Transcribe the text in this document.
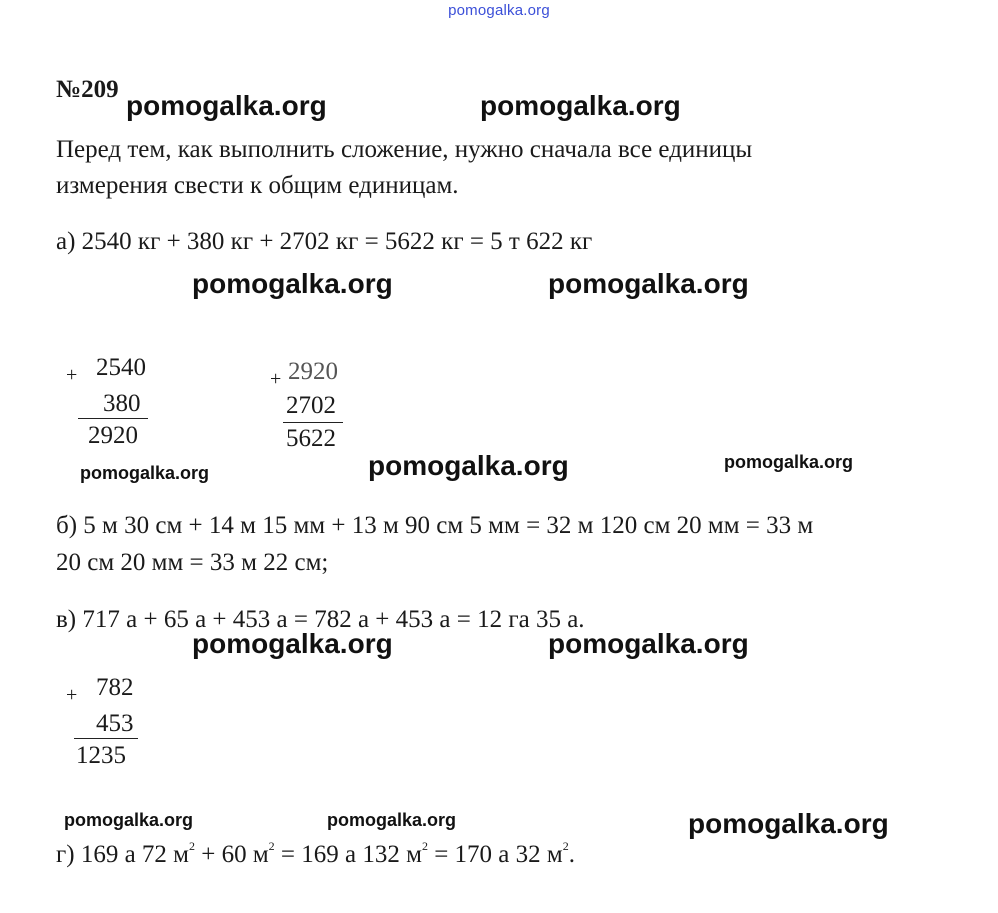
pomogalka.org
№209
pomogalka.org	pomogalka.org
Перед тем, как выполнить сложение, нужно сначала все единицы
измерения свести к общим единицам.
а) 2540 кг + 380 кг + 2702 кг = 5622 кг = 5 т 622 кг
pomogalka.org	pomogalka.org
+ 2540
380
2920
+ 2920
2702
5622
pomogalka.org	pomogalka.org	pomogalka.org
б) 5 м 30 см + 14 м 15 мм + 13 м 90 см 5 мм = 32 м 120 см 20 мм = 33 м
20 см 20 мм = 33 м 22 см;
в) 717 а + 65 а + 453 а = 782 а + 453 а = 12 га 35 а.
pomogalka.org	pomogalka.org
+ 782
453
1235
pomogalka.org	pomogalka.org	pomogalka.org
г) 169 а 72 $м^2 + 60$ $м^2 = 169$ а 132 $м^2 = 170$ а 32 $м^2$.
